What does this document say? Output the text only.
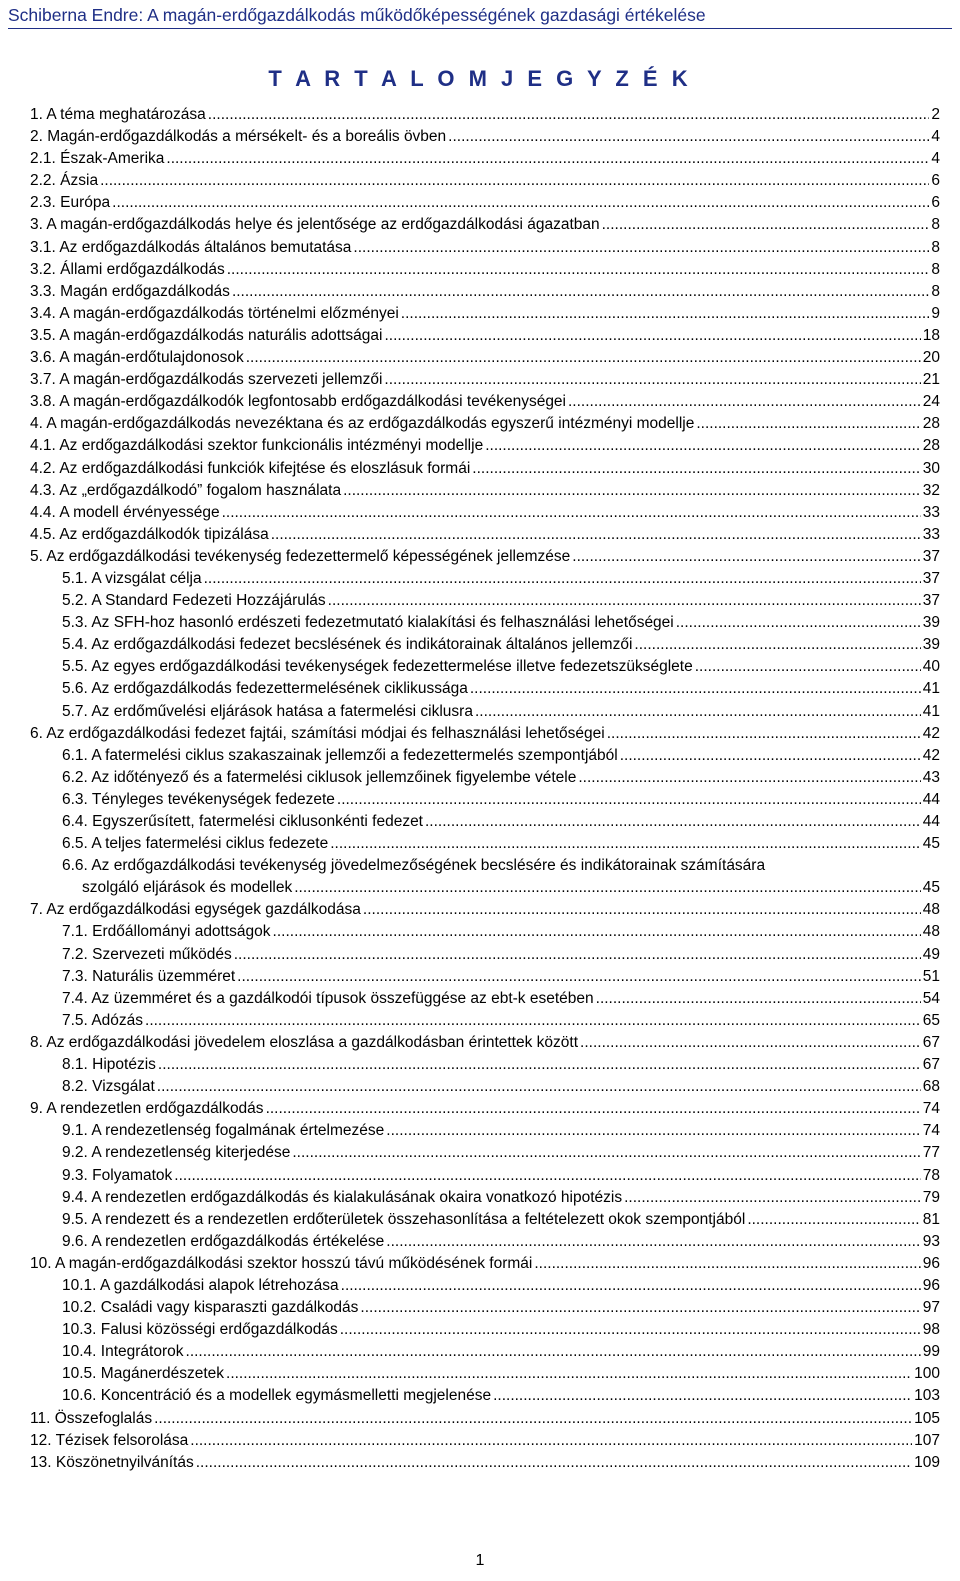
Schiberna Endre: A magán-erdőgazdálkodás működőképességének gazdasági értékelése
T A R T A L O M J E G Y Z É K
1. A téma meghatározása .....	2
2. Magán-erdőgazdálkodás a mérsékelt- és a boreális övben .....	4
2.1. Észak-Amerika .....	4
2.2. Ázsia .....	6
2.3. Európa .....	6
3. A magán-erdőgazdálkodás helye és jelentősége az erdőgazdálkodási ágazatban .....	8
3.1. Az erdőgazdálkodás általános bemutatása .....	8
3.2. Állami erdőgazdálkodás .....	8
3.3. Magán erdőgazdálkodás .....	8
3.4. A magán-erdőgazdálkodás történelmi előzményei .....	9
3.5. A magán-erdőgazdálkodás naturális adottságai .....	18
3.6. A magán-erdőtulajdonosok .....	20
3.7. A magán-erdőgazdálkodás szervezeti jellemzői .....	21
3.8. A magán-erdőgazdálkodók legfontosabb erdőgazdálkodási tevékenységei .....	24
4. A magán-erdőgazdálkodás nevezéktana és az erdőgazdálkodás egyszerű intézményi modellje .....	28
4.1. Az erdőgazdálkodási szektor funkcionális intézményi modellje .....	28
4.2. Az erdőgazdálkodási funkciók kifejtése és eloszlásuk formái .....	30
4.3. Az „erdőgazdálkodó” fogalom használata .....	32
4.4. A modell érvényessége .....	33
4.5. Az erdőgazdálkodók tipizálása .....	33
5. Az erdőgazdálkodási tevékenység fedezettermelő képességének jellemzése .....	37
5.1. A vizsgálat célja .....	37
5.2. A Standard Fedezeti Hozzájárulás .....	37
5.3. Az SFH-hoz hasonló erdészeti fedezetmutató kialakítási és felhasználási lehetőségei .....	39
5.4. Az erdőgazdálkodási fedezet becslésének és indikátorainak általános jellemzői .....	39
5.5. Az egyes erdőgazdálkodási tevékenységek fedezettermelése illetve fedezetszükséglete .....	40
5.6. Az erdőgazdálkodás fedezettermelésének ciklikussága .....	41
5.7. Az erdőművelési eljárások hatása a fatermelési ciklusra .....	41
6. Az erdőgazdálkodási fedezet fajtái, számítási módjai és felhasználási lehetőségei .....	42
6.1. A fatermelési ciklus szakaszainak jellemzői a fedezettermelés szempontjából .....	42
6.2. Az időtényező és a fatermelési ciklusok jellemzőinek figyelembe vétele .....	43
6.3. Tényleges tevékenységek fedezete .....	44
6.4. Egyszerűsített, fatermelési ciklusonkénti fedezet .....	44
6.5. A teljes fatermelési ciklus fedezete .....	45
6.6. Az erdőgazdálkodási tevékenység jövedelmezőségének becslésére és indikátorainak számítására
szolgáló eljárások és modellek .....	45
7. Az erdőgazdálkodási egységek gazdálkodása .....	48
7.1. Erdőállományi adottságok .....	48
7.2. Szervezeti működés .....	49
7.3. Naturális üzemméret .....	51
7.4. Az üzemméret és a gazdálkodói típusok összefüggése az ebt-k esetében .....	54
7.5. Adózás .....	65
8. Az erdőgazdálkodási jövedelem eloszlása a gazdálkodásban érintettek között .....	67
8.1. Hipotézis .....	67
8.2. Vizsgálat .....	68
9. A rendezetlen erdőgazdálkodás .....	74
9.1. A rendezetlenség fogalmának értelmezése .....	74
9.2. A rendezetlenség kiterjedése .....	77
9.3. Folyamatok .....	78
9.4. A rendezetlen erdőgazdálkodás és kialakulásának okaira vonatkozó hipotézis .....	79
9.5. A rendezett és a rendezetlen erdőterületek összehasonlítása a feltételezett okok szempontjából .....	81
9.6. A rendezetlen erdőgazdálkodás értékelése .....	93
10. A magán-erdőgazdálkodási szektor hosszú távú működésének formái .....	96
10.1. A gazdálkodási alapok létrehozása .....	96
10.2. Családi vagy kisparaszti gazdálkodás .....	97
10.3. Falusi közösségi erdőgazdálkodás .....	98
10.4. Integrátorok .....	99
10.5. Magánerdészetek .....	100
10.6. Koncentráció és a modellek egymásmelletti megjelenése .....	103
11. Összefoglalás .....	105
12. Tézisek felsorolása .....	107
13. Köszönetnyilvánítás .....	109
1
